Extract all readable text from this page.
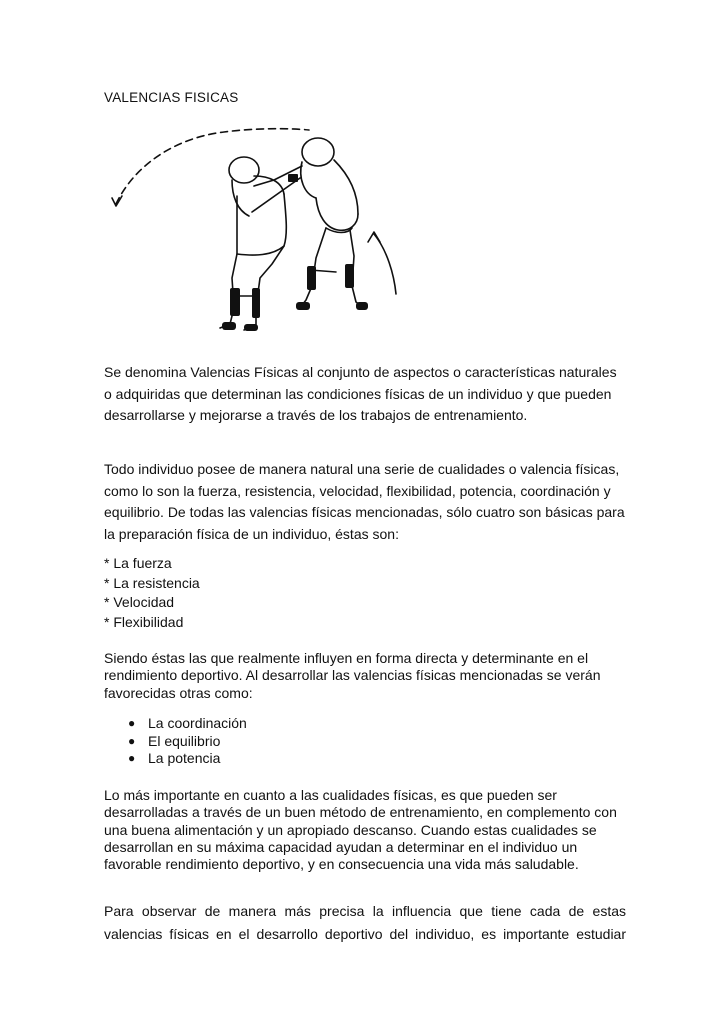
VALENCIAS FISICAS
Se denomina Valencias Físicas al conjunto de aspectos o características naturales o adquiridas que determinan las condiciones físicas de un individuo y que pueden desarrollarse y mejorarse a través de los trabajos de entrenamiento.
Todo individuo posee de manera natural una serie de cualidades o valencia físicas, como lo son la fuerza, resistencia, velocidad, flexibilidad, potencia, coordinación y equilibrio. De todas las valencias físicas mencionadas, sólo cuatro son básicas para la preparación física de un individuo, éstas son:
* La fuerza
* La resistencia
* Velocidad
* Flexibilidad
Siendo éstas las que realmente influyen en forma directa y determinante en el rendimiento deportivo. Al desarrollar las valencias físicas mencionadas se verán favorecidas otras como:
● La coordinación
● El equilibrio
● La potencia
Lo más importante en cuanto a las cualidades físicas, es que pueden ser desarrolladas a través de un buen método de entrenamiento, en complemento con una buena alimentación y un apropiado descanso. Cuando estas cualidades se desarrollan en su máxima capacidad ayudan a determinar en el individuo un favorable rendimiento deportivo, y en consecuencia una vida más saludable.
Para observar de manera más precisa la influencia que tiene cada de estas
valencias físicas en el desarrollo deportivo del individuo, es importante estudiar
